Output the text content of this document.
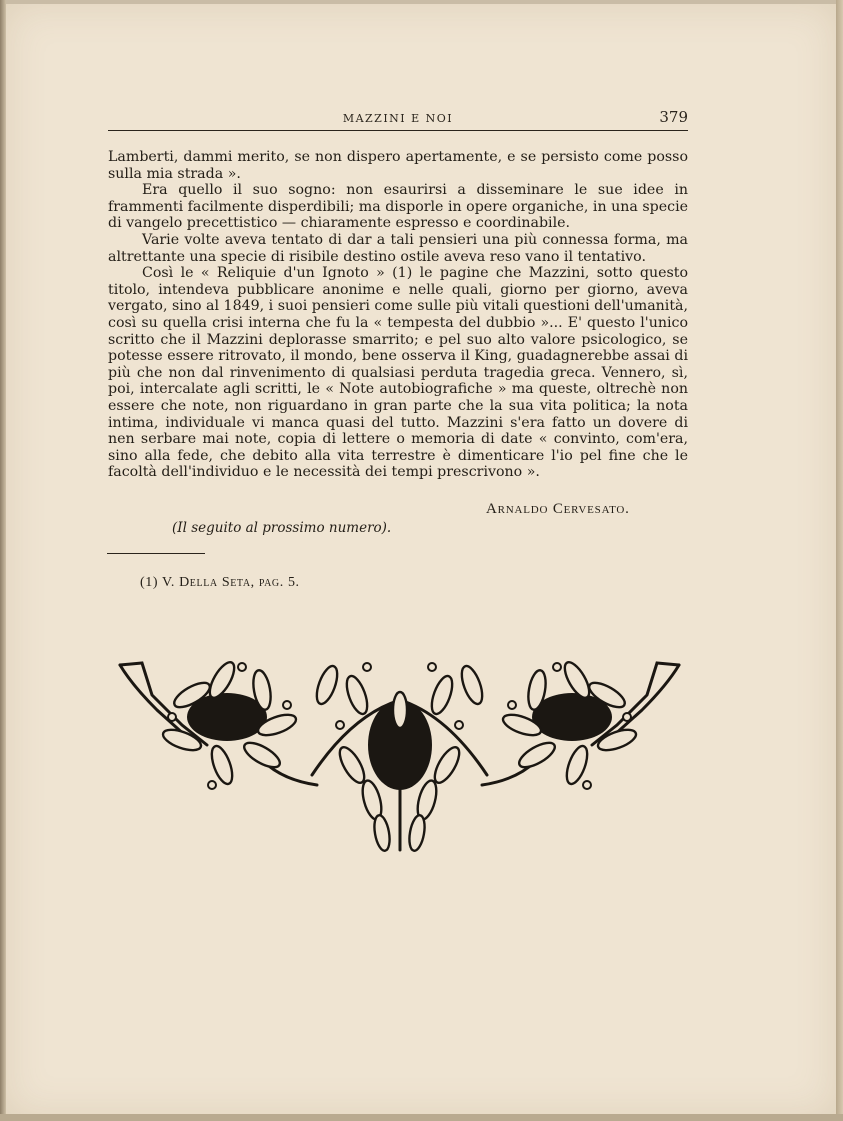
MAZZINI E NOI	379

Lamberti, dammi merito, se non dispero apertamente, e se persisto come posso sulla mia strada ».

Era quello il suo sogno: non esaurirsi a disseminare le sue idee in frammenti facilmente disperdibili; ma disporle in opere organiche, in una specie di vangelo precettistico — chiaramente espresso e coordinabile.

Varie volte aveva tentato di dar a tali pensieri una più connessa forma, ma altrettante una specie di risibile destino ostile aveva reso vano il tentativo.

Così le « Reliquie d'un Ignoto » (1) le pagine che Mazzini, sotto questo titolo, intendeva pubblicare anonime e nelle quali, giorno per giorno, aveva vergato, sino al 1849, i suoi pensieri come sulle più vitali questioni dell'umanità, così su quella crisi interna che fu la « tempesta del dubbio »... E' questo l'unico scritto che il Mazzini deplorasse smarrito; e pel suo alto valore psicologico, se potesse essere ritrovato, il mondo, bene osserva il King, guadagnerebbe assai di più che non dal rinvenimento di qualsiasi perduta tragedia greca. Vennero, sì, poi, intercalate agli scritti, le « Note autobiografiche » ma queste, oltrechè non essere che note, non riguardano in gran parte che la sua vita politica; la nota intima, individuale vi manca quasi del tutto. Mazzini s'era fatto un dovere di nen serbare mai note, copia di lettere o memoria di date « convinto, com'era, sino alla fede, che debito alla vita terrestre è dimenticare l'io pel fine che le facoltà dell'individuo e le necessità dei tempi prescrivono ».

Arnaldo Cervesato.
(Il seguito al prossimo numero).
(1) V. Della Seta, pag. 5.
